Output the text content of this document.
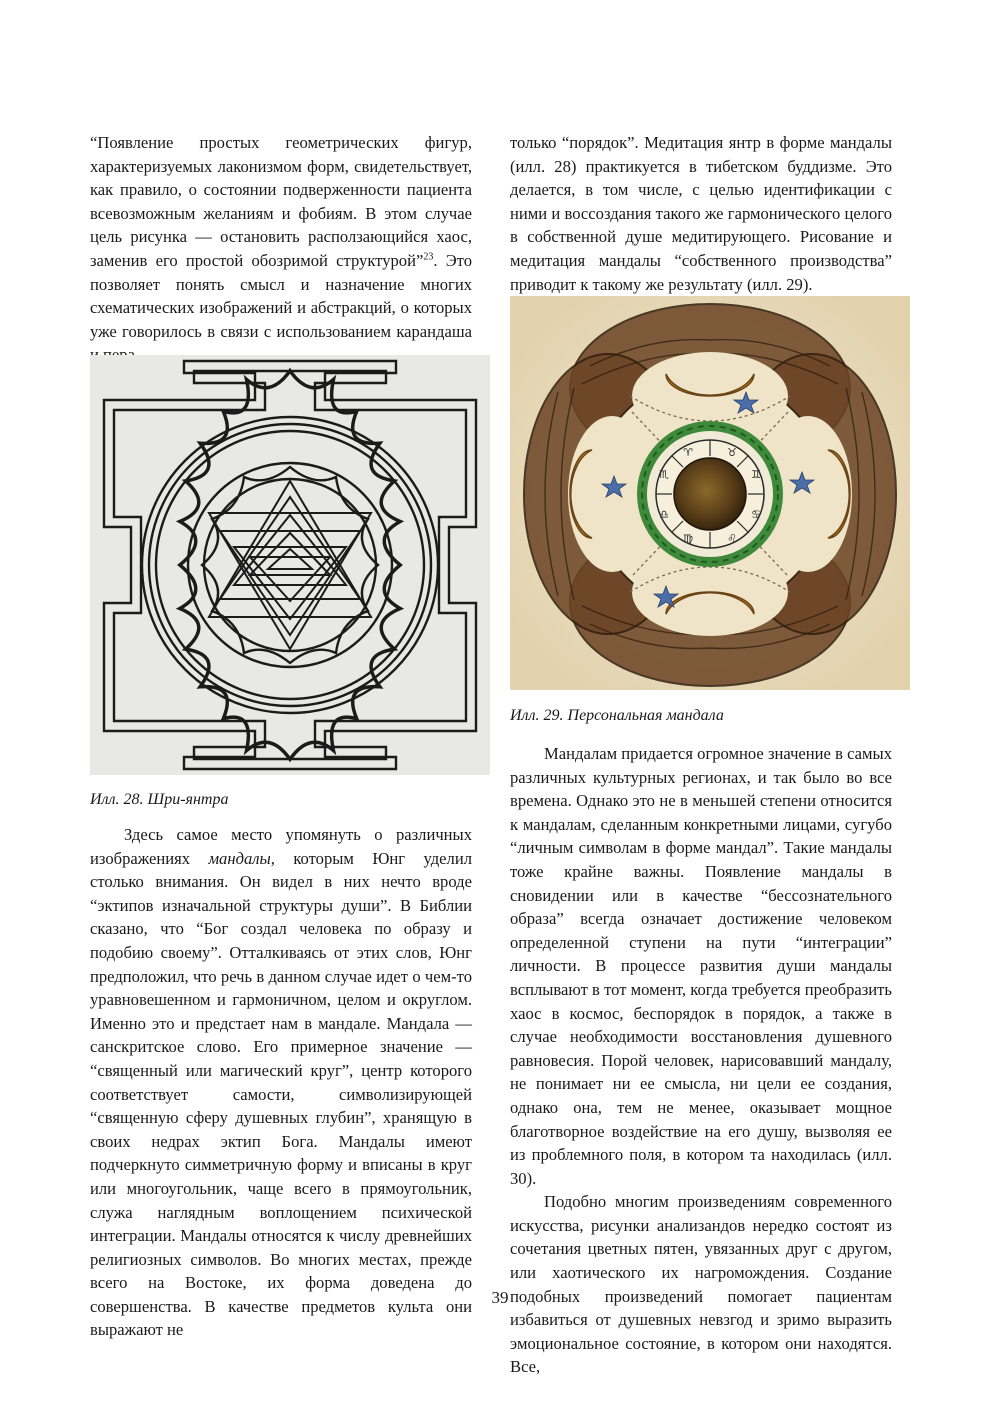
“Появление простых геометрических фигур, характеризуемых лаконизмом форм, свидетельствует, как правило, о состоянии подверженности пациента всевозможным желаниям и фобиям. В этом случае цель рисунка — остановить расползающийся хаос, заменив его простой обозримой структурой”$^{23}$. Это позволяет понять смысл и назначение многих схематических изображений и абстракций, о которых уже говорилось в связи с использованием карандаша

Илл. 28. Шри-янтра

Здесь самое место упомянуть о различных изображениях мандалы, которым Юнг уделил столько внимания. Он видел в них нечто вроде “эктипов изначальной структуры души”. В Библии сказано, что “Бог создал человека по образу и подобию своему”. Отталкиваясь от этих слов, Юнг предположил, что речь в данном случае идет о чем-то уравновешенном и гармоничном, целом и округлом. Именно это и предстает нам в мандале. Мандала — санскритское слово. Его примерное значение — “священный или магический круг”, центр которого соответствует самости, символизирующей “священную сферу душевных глубин”, хранящую в своих недрах эктип Бога. Мандалы имеют подчеркнуто симметричную форму и вписаны в круг или многоугольник, чаще всего в прямоугольник, служа наглядным воплощением психической интеграции. Мандалы относятся к числу древнейших религиозных символов. Во многих местах, прежде всего на Востоке, их форма доведена до совершенства. В качестве предметов культа они выражают не

только “порядок”. Медитация янтр в форме мандалы (илл. 28) практикуется в тибетском буддизме. Это делается, в том числе, с целью идентификации с ними и воссоздания такого же гармонического целого в собственной душе медитирующего. Рисование и медитация мандалы “собственного производства” приводит к такому же результату (илл. 29).

♈	♉
♊
♋
♌
♍
♎
♏
Илл. 29. Персональная мандала

Мандалам придается огромное значение в самых различных культурных регионах, и так было во все времена. Однако это не в меньшей степени относится к мандалам, сделанным конкретными лицами, сугубо “личным символам в форме мандал”. Такие мандалы тоже крайне важны. Появление мандалы в сновидении или в качестве “бессознательного образа” всегда означает достижение человеком определенной ступени на пути “интеграции” личности. В процессе развития души мандалы всплывают в тот момент, когда требуется преобразить хаос в космос, беспорядок в порядок, а также в случае необходимости восстановления душевного равновесия. Порой человек, нарисовавший мандалу, не понимает ни ее смысла, ни цели ее создания, однако она, тем не менее, оказывает мощное благотворное воздействие на его душу, вызволяя ее из проблемного поля, в котором та находилась (илл. 30).

Подобно многим произведениям современного искусства, рисунки анализандов нередко состоят из сочетания цветных пятен, увязанных друг с другом, или хаотического их нагромождения. Создание подобных произведений помогает пациентам избавиться от душевных невзгод и зримо выразить эмоциональное состояние, в котором они находятся. Все,

39
